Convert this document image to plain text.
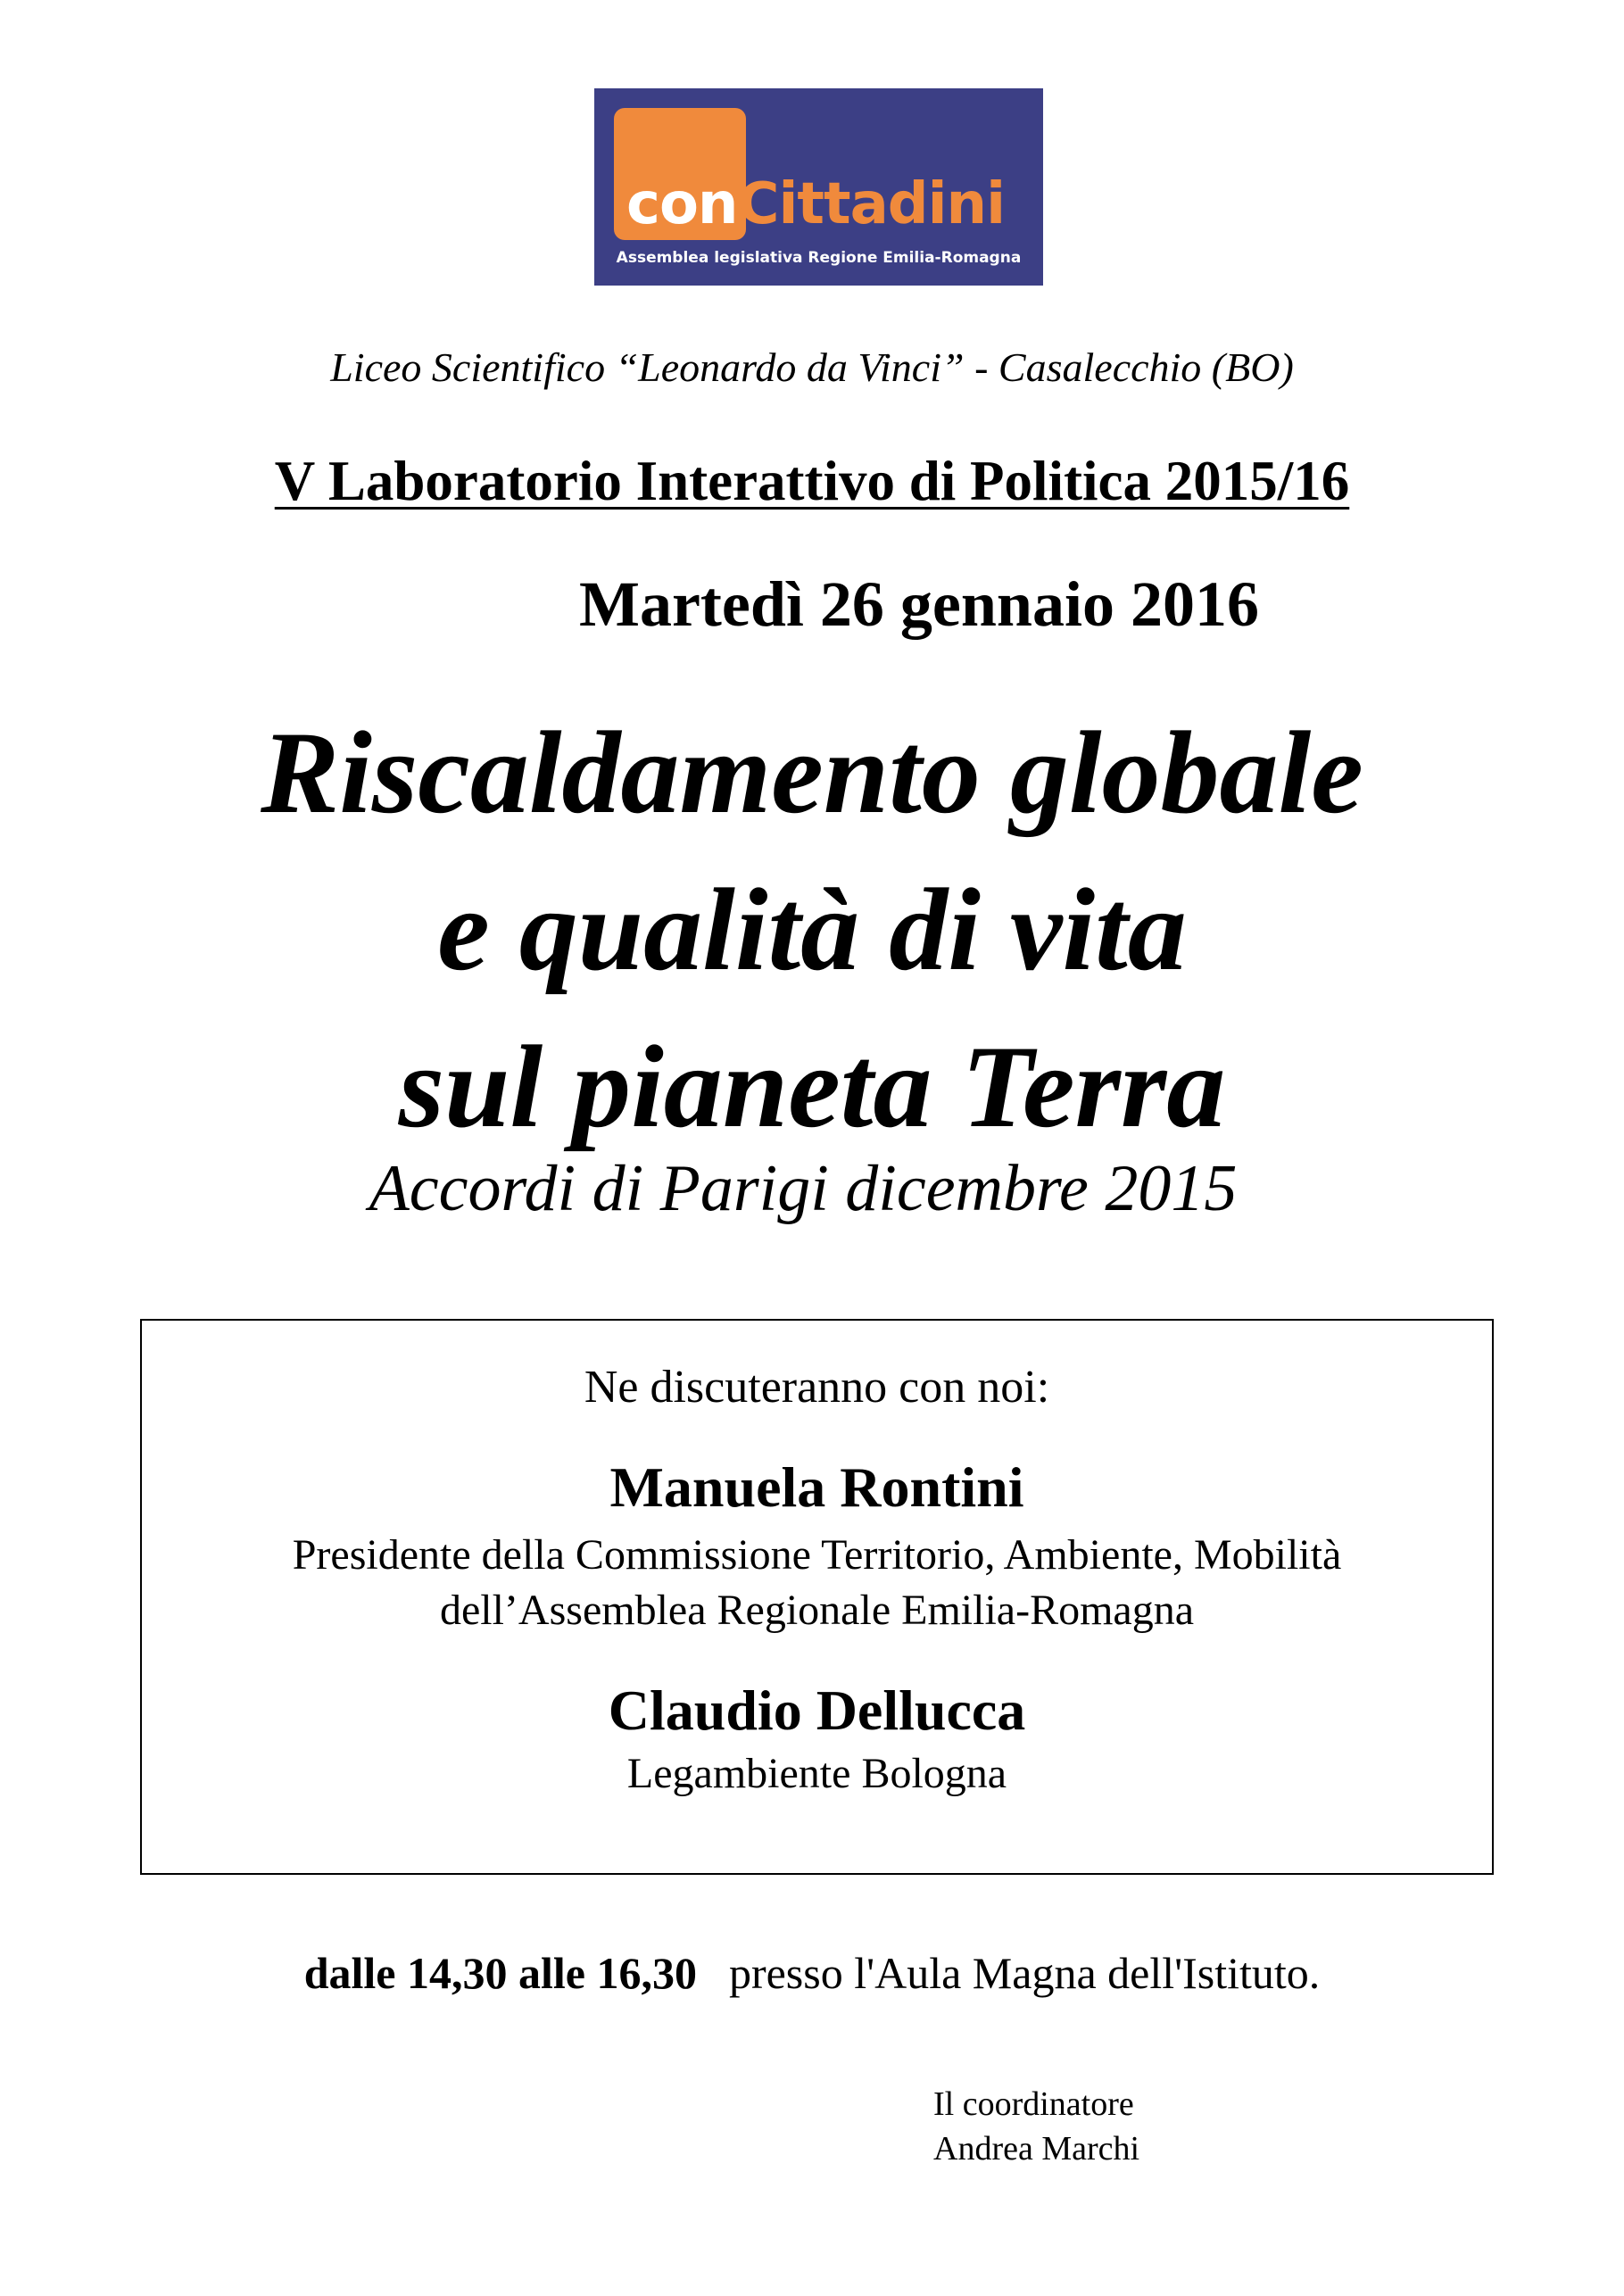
conCittadini
Assemblea legislativa Regione Emilia-Romagna
Liceo Scientifico “Leonardo da Vinci” - Casalecchio (BO)
V Laboratorio Interattivo di Politica 2015/16
Martedì 26 gennaio 2016
Riscaldamento globale
e qualità di vita
sul pianeta Terra
Accordi di Parigi dicembre 2015
Ne discuteranno con noi:
Manuela Rontini
Presidente della Commissione Territorio, Ambiente, Mobilità
dell’Assemblea Regionale Emilia-Romagna
Claudio Dellucca
Legambiente Bologna
dalle 14,30 alle 16,30 presso l'Aula Magna dell'Istituto.
Il coordinatore
Andrea Marchi
